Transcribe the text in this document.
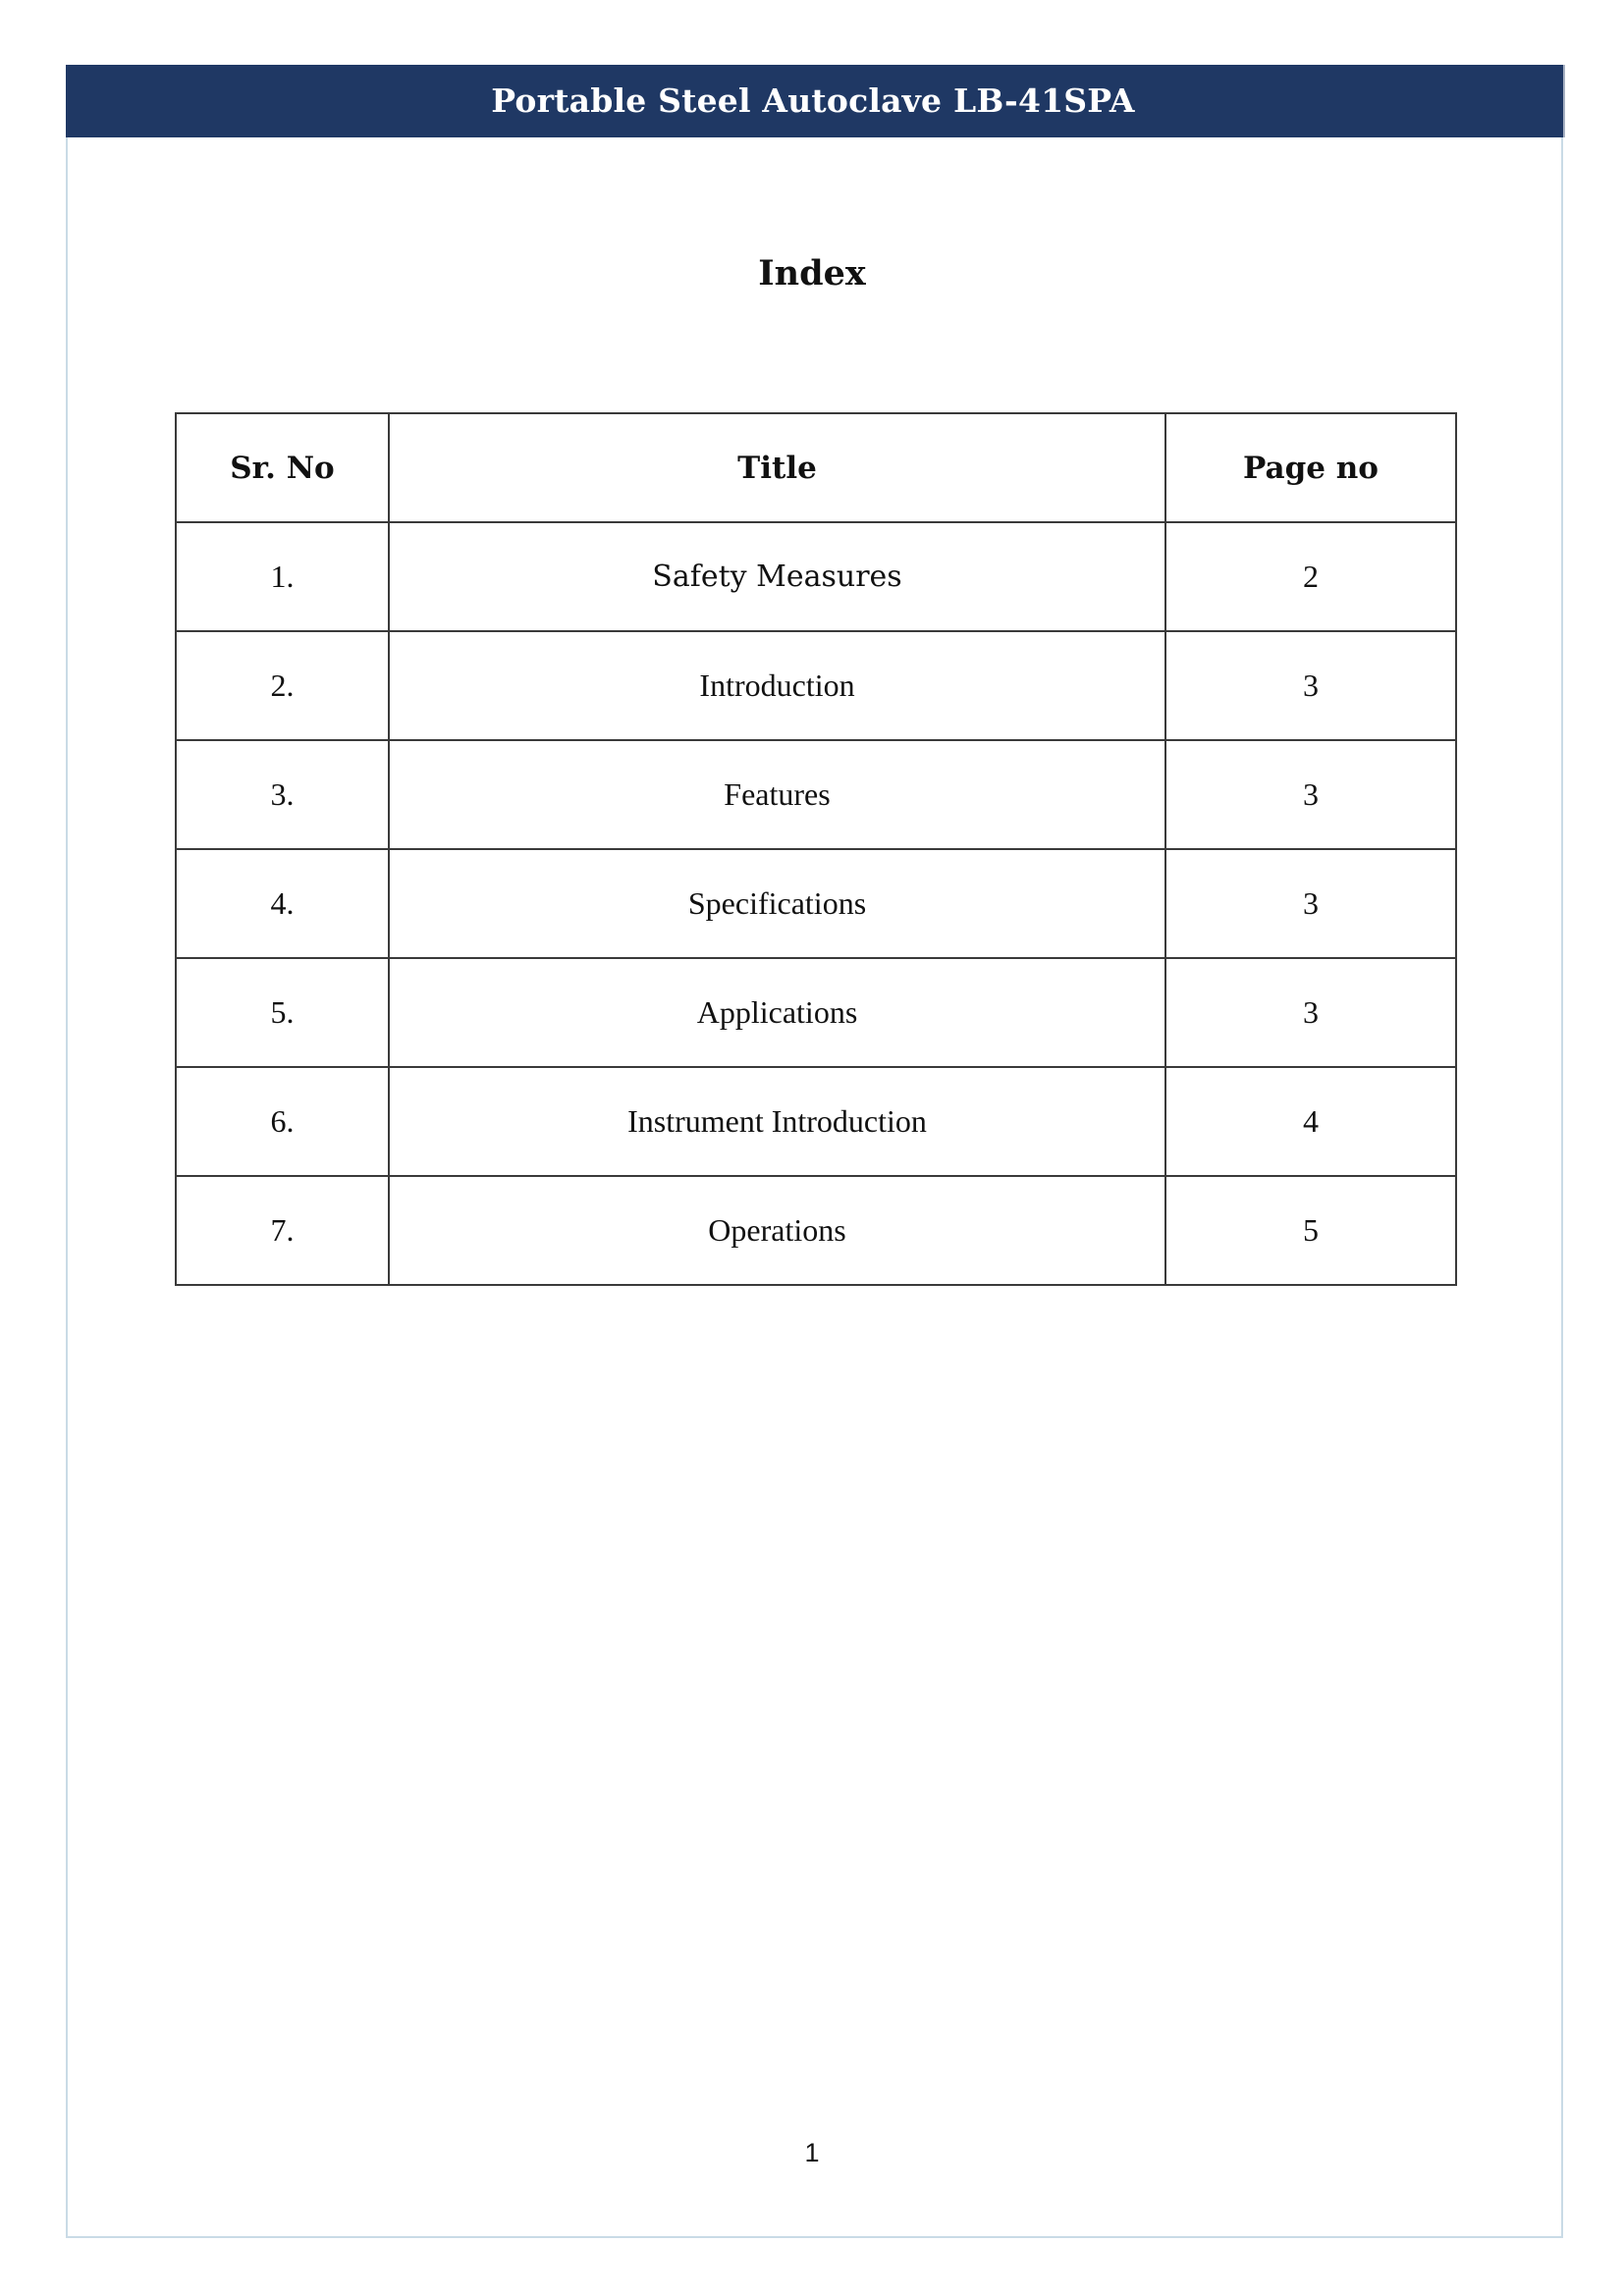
Portable Steel Autoclave LB-41SPA
Index
Sr. No	Title	Page no
1.	Safety Measures	2
2.	Introduction	3
3.	Features	3
4.	Specifications	3
5.	Applications	3
6.	Instrument Introduction	4
7.	Operations	5
1
